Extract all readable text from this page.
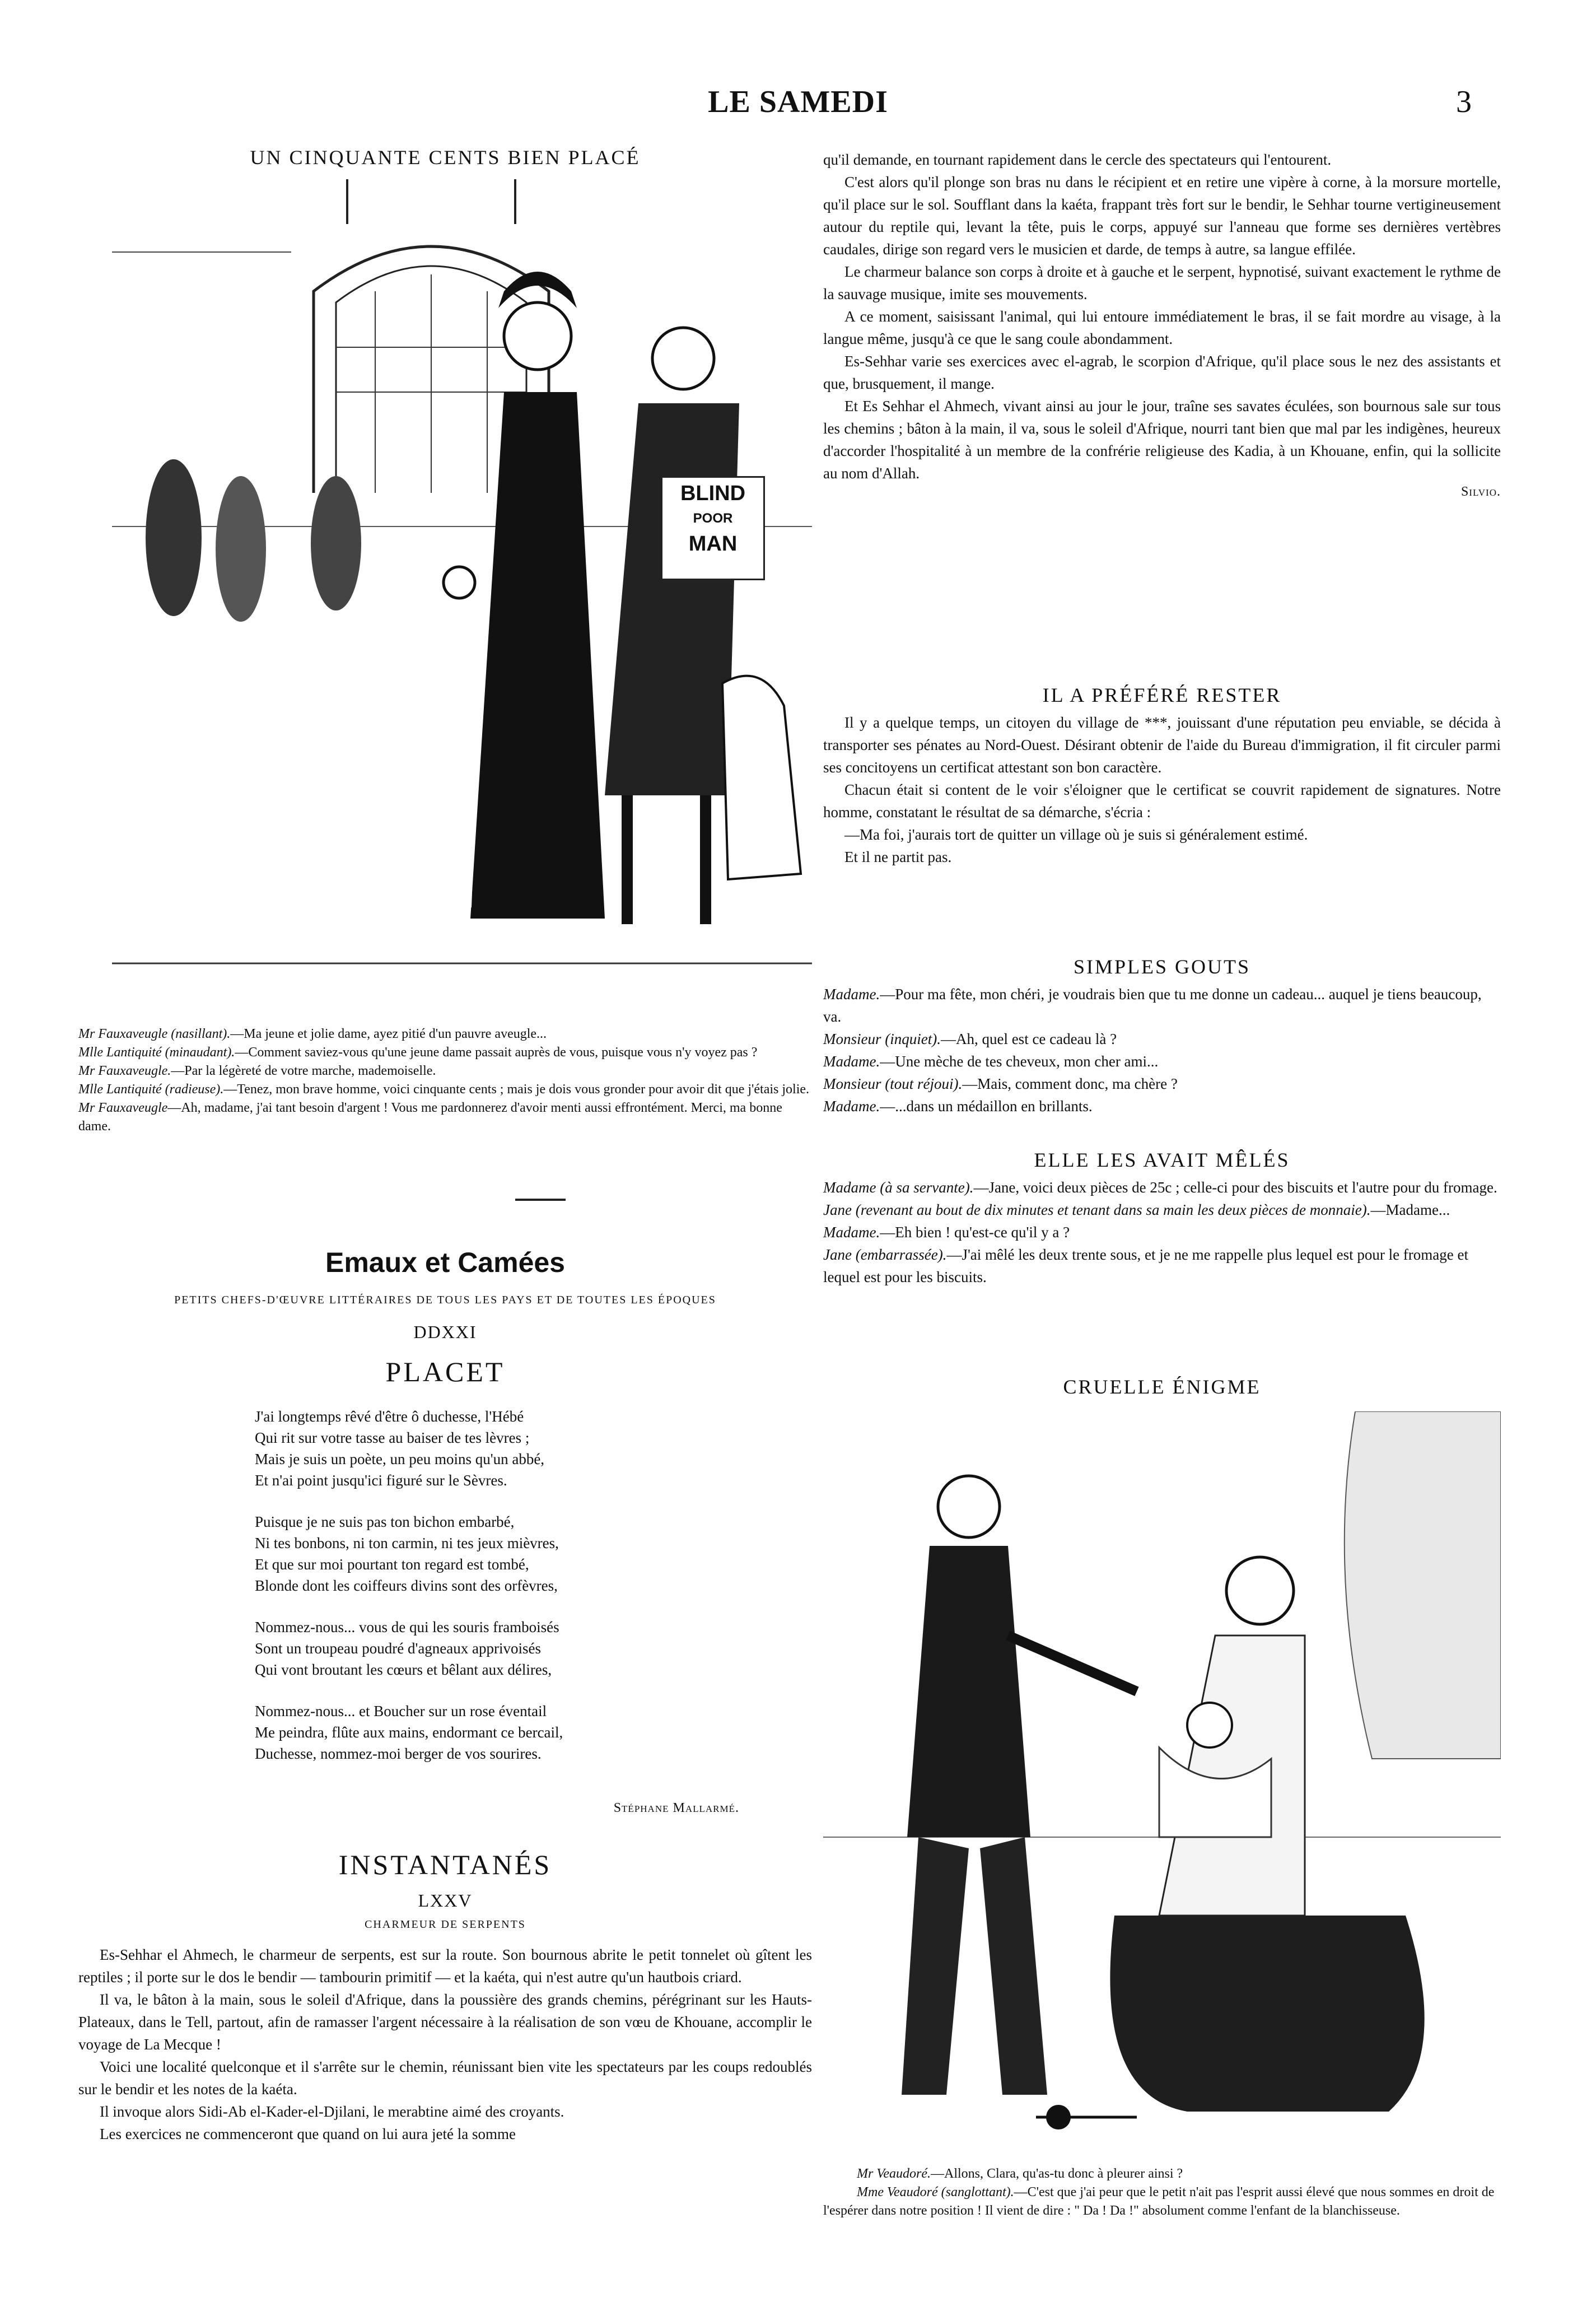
LE SAMEDI	3
UN CINQUANTE CENTS BIEN PLACÉ
BLIND
POOR
MAN

Mr Fauxaveugle (nasillant).—Ma jeune et jolie dame, ayez pitié d'un pauvre aveugle...

Mlle Lantiquité (minaudant).—Comment saviez-vous qu'une jeune dame passait auprès de vous, puisque vous n'y voyez pas ?

Mr Fauxaveugle.—Par la légèreté de votre marche, mademoiselle.

Mlle Lantiquité (radieuse).—Tenez, mon brave homme, voici cinquante cents ; mais je dois vous gronder pour avoir dit que j'étais jolie.

Mr Fauxaveugle—Ah, madame, j'ai tant besoin d'argent ! Vous me pardonnerez d'avoir menti aussi effrontément. Merci, ma bonne dame.

Emaux et Camées
PETITS CHEFS-D'ŒUVRE LITTÉRAIRES DE TOUS LES PAYS ET DE TOUTES LES ÉPOQUES
DDXXI
PLACET

J'ai longtemps rêvé d'être ô duchesse, l'Hébé

Qui rit sur votre tasse au baiser de tes lèvres ;

Mais je suis un poète, un peu moins qu'un abbé,

Et n'ai point jusqu'ici figuré sur le Sèvres.

Puisque je ne suis pas ton bichon embarbé,

Ni tes bonbons, ni ton carmin, ni tes jeux mièvres,

Et que sur moi pourtant ton regard est tombé,

Blonde dont les coiffeurs divins sont des orfèvres,

Nommez-nous... vous de qui les souris framboisés

Sont un troupeau poudré d'agneaux apprivoisés

Qui vont broutant les cœurs et bêlant aux délires,

Nommez-nous... et Boucher sur un rose éventail

Me peindra, flûte aux mains, endormant ce bercail,

Duchesse, nommez-moi berger de vos sourires.

Stéphane Mallarmé.
INSTANTANÉS
LXXV
CHARMEUR DE SERPENTS

Es-Sehhar el Ahmech, le charmeur de serpents, est sur la route. Son bournous abrite le petit tonnelet où gîtent les reptiles ; il porte sur le dos le bendir — tambourin primitif — et la kaéta, qui n'est autre qu'un hautbois criard.

Il va, le bâton à la main, sous le soleil d'Afrique, dans la poussière des grands chemins, pérégrinant sur les Hauts-Plateaux, dans le Tell, partout, afin de ramasser l'argent nécessaire à la réalisation de son vœu de Khouane, accomplir le voyage de La Mecque !

Voici une localité quelconque et il s'arrête sur le chemin, réunissant bien vite les spectateurs par les coups redoublés sur le bendir et les notes de la kaéta.

Il invoque alors Sidi-Ab el-Kader-el-Djilani, le merabtine aimé des croyants.

Les exercices ne commenceront que quand on lui aura jeté la somme

qu'il demande, en tournant rapidement dans le cercle des spectateurs qui l'entourent.

C'est alors qu'il plonge son bras nu dans le récipient et en retire une vipère à corne, à la morsure mortelle, qu'il place sur le sol. Soufflant dans la kaéta, frappant très fort sur le bendir, le Sehhar tourne vertigineusement autour du reptile qui, levant la tête, puis le corps, appuyé sur l'anneau que forme ses dernières vertèbres caudales, dirige son regard vers le musicien et darde, de temps à autre, sa langue effilée.

Le charmeur balance son corps à droite et à gauche et le serpent, hypnotisé, suivant exactement le rythme de la sauvage musique, imite ses mouvements.

A ce moment, saisissant l'animal, qui lui entoure immédiatement le bras, il se fait mordre au visage, à la langue même, jusqu'à ce que le sang coule abondamment.

Es-Sehhar varie ses exercices avec el-agrab, le scorpion d'Afrique, qu'il place sous le nez des assistants et que, brusquement, il mange.

Et Es Sehhar el Ahmech, vivant ainsi au jour le jour, traîne ses savates éculées, son bournous sale sur tous les chemins ; bâton à la main, il va, sous le soleil d'Afrique, nourri tant bien que mal par les indigènes, heureux d'accorder l'hospitalité à un membre de la confrérie religieuse des Kadia, à un Khouane, enfin, qui la sollicite au nom d'Allah.

Silvio.
IL A PRÉFÉRÉ RESTER

Il y a quelque temps, un citoyen du village de ***, jouissant d'une réputation peu enviable, se décida à transporter ses pénates au Nord-Ouest. Désirant obtenir de l'aide du Bureau d'immigration, il fit circuler parmi ses concitoyens un certificat attestant son bon caractère.

Chacun était si content de le voir s'éloigner que le certificat se couvrit rapidement de signatures. Notre homme, constatant le résultat de sa démarche, s'écria :

—Ma foi, j'aurais tort de quitter un village où je suis si généralement estimé.

Et il ne partit pas.

SIMPLES GOUTS

Madame.—Pour ma fête, mon chéri, je voudrais bien que tu me donne un cadeau... auquel je tiens beaucoup, va.

Monsieur (inquiet).—Ah, quel est ce cadeau là ?

Madame.—Une mèche de tes cheveux, mon cher ami...

Monsieur (tout réjoui).—Mais, comment donc, ma chère ?

Madame.—...dans un médaillon en brillants.

ELLE LES AVAIT MÊLÉS

Madame (à sa servante).—Jane, voici deux pièces de 25c ; celle-ci pour des biscuits et l'autre pour du fromage.

Jane (revenant au bout de dix minutes et tenant dans sa main les deux pièces de monnaie).—Madame...

Madame.—Eh bien ! qu'est-ce qu'il y a ?

Jane (embarrassée).—J'ai mêlé les deux trente sous, et je ne me rappelle plus lequel est pour le fromage et lequel est pour les biscuits.

CRUELLE ÉNIGME

Mr Veaudoré.—Allons, Clara, qu'as-tu donc à pleurer ainsi ?

Mme Veaudoré (sanglottant).—C'est que j'ai peur que le petit n'ait pas l'esprit aussi élevé que nous sommes en droit de l'espérer dans notre position ! Il vient de dire : " Da ! Da !" absolument comme l'enfant de la blanchisseuse.
